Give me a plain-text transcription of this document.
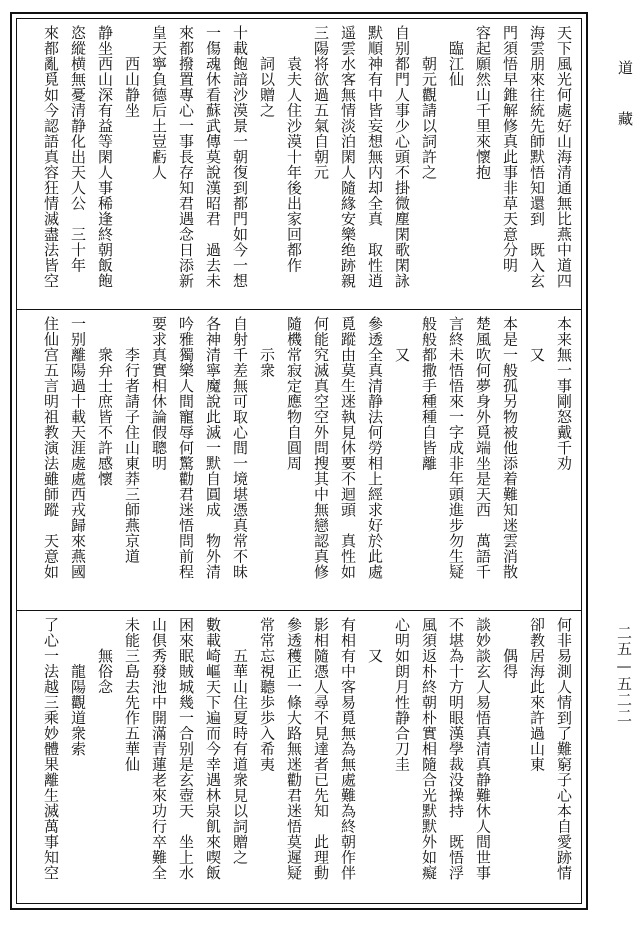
天下風光何處好山海清通無比燕中道四
海雲朋來往統先師默悟知還到　既入玄
門須悟早錐解修真此事非草天意分明
容起願然山千里來懷抱
　臨江仙
　　朝元觀請以詞許之
自别都門人事少心頭不掛微塵閑歌閑詠
默順神有中皆妄想無内却全真　取性逍
遥雲水客無情淡泊閑人隨緣安樂绝跡親
三陽将欲過五氣自朝元
　　袁夫人住沙漠十年後出家回都作
　　詞以贈之
十載飽諳沙漠景一朝復到都門如今一想
一傷魂休看蘇武傳莫說漢昭君　過去未
來都撥置專心一事長存知君遇念日添新
皇天寧負德后土豈虧人
　　西山静坐
静坐西山深有益等閑人事稀逢終朝飯飽
恣縱横無憂清静化出天人公　三十年
來都亂覓如今認語真容狂情滅盡法皆空
本来無一事剛怒戴千劝
　　又
本是一般孤另物被他添着難知迷雲消散
楚風吹何夢身外覓端坐是天西　萬語千
言終未悟悟來一字成非年頭進步勿生疑
般般都撒手種種自皆離
　　又
參透全真清静法何勞相上經求好於此處
覓蹤由莫生迷執見休要不迴頭　真性如
何能究滅真空空外問搜其中無戀認真修
隨機常寂定應物自圓周
　　示衆
自射千差無可取心間一境堪憑真常不昧
各神清寧魔說此滅一默自圓成　物外清
吟雅獨樂人間寵辱何驚勸君迷悟問前程
要求真實相休論假聰明
　　李行者請子住山東莽三師燕京道
　　衆弁士庶皆不許感懷
一别離陽過十載天涯處處西戎歸來燕國
住仙宫五言明祖教演法雖師蹤　天意如
何非易測人情到了難窮子心本自愛跡情
卻教居海此來許過山東
　　偶得
談妙談玄人易悟真清真静難休人間世事
不堪為十方明眼漢學裁没操持　既悟浮
風須返朴終朝朴實相隨合光默默外如癡
心明如朗月性静合刀圭
　　又
有相有中客易覓無為無處難為終朝作伴
影相隨憑人尋不見達者已先知　此理動
參透穫正一條大路無迷勸君迷悟莫遲疑
常常忘視聽歩歩入希夷
　　五華山住夏時有道衆見以詞贈之
數載崎嶇天下遍而今幸遇林泉飢來喫飯
困來眠賊城幾一合别是玄壺天　坐上水
山俱秀發池中開滿青蓮老來功行卒難全
未能三島去先作五華仙
　　無俗念
　　　龍陽觀道衆索
了心一法越三乘妙體果離生滅萬事知空
道藏
二五—五二二
